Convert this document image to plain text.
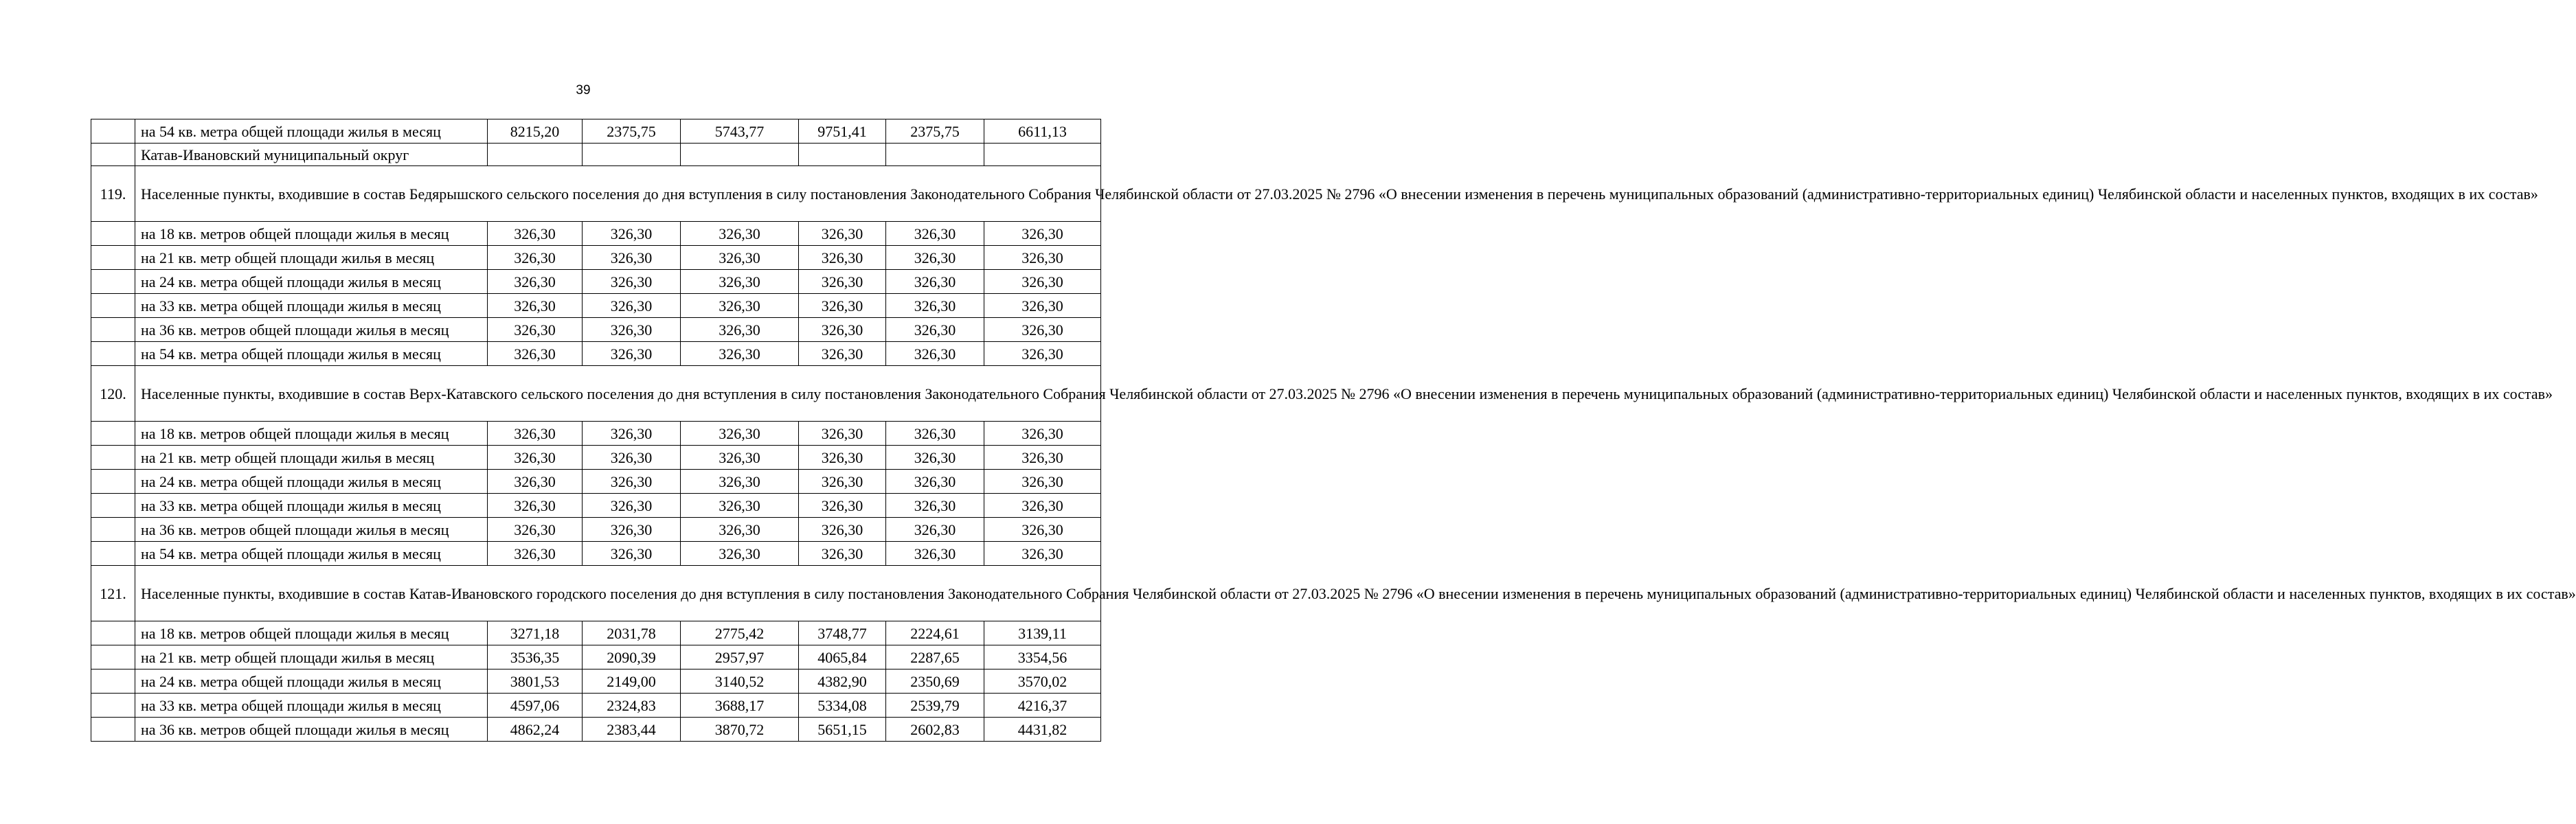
39
	на 54 кв. метра общей площади жилья в месяц	8215,20	2375,75	5743,77	9751,41	2375,75	6611,13
	Катав-Ивановский муниципальный округ						
119.	Населенные пункты, входившие в состав Бедярышского сельского поселения до дня вступления в силу постановления Законодательного Собрания Челябинской области от 27.03.2025 № 2796 «О внесении изменения в перечень муниципальных образований (административно-территориальных единиц) Челябинской области и населенных пунктов, входящих в их состав»						
	на 18 кв. метров общей площади жилья в месяц	326,30	326,30	326,30	326,30	326,30	326,30
	на 21 кв. метр общей площади жилья в месяц	326,30	326,30	326,30	326,30	326,30	326,30
	на 24 кв. метра общей площади жилья в месяц	326,30	326,30	326,30	326,30	326,30	326,30
	на 33 кв. метра общей площади жилья в месяц	326,30	326,30	326,30	326,30	326,30	326,30
	на 36 кв. метров общей площади жилья в месяц	326,30	326,30	326,30	326,30	326,30	326,30
	на 54 кв. метра общей площади жилья в месяц	326,30	326,30	326,30	326,30	326,30	326,30
120.	Населенные пункты, входившие в состав Верх-Катавского сельского поселения до дня вступления в силу постановления Законодательного Собрания Челябинской области от 27.03.2025 № 2796 «О внесении изменения в перечень муниципальных образований (административно-территориальных единиц) Челябинской области и населенных пунктов, входящих в их состав»						
	на 18 кв. метров общей площади жилья в месяц	326,30	326,30	326,30	326,30	326,30	326,30
	на 21 кв. метр общей площади жилья в месяц	326,30	326,30	326,30	326,30	326,30	326,30
	на 24 кв. метра общей площади жилья в месяц	326,30	326,30	326,30	326,30	326,30	326,30
	на 33 кв. метра общей площади жилья в месяц	326,30	326,30	326,30	326,30	326,30	326,30
	на 36 кв. метров общей площади жилья в месяц	326,30	326,30	326,30	326,30	326,30	326,30
	на 54 кв. метра общей площади жилья в месяц	326,30	326,30	326,30	326,30	326,30	326,30
121.	Населенные пункты, входившие в состав Катав-Ивановского городского поселения до дня вступления в силу постановления Законодательного Собрания Челябинской области от 27.03.2025 № 2796 «О внесении изменения в перечень муниципальных образований (административно-территориальных единиц) Челябинской области и населенных пунктов, входящих в их состав»						
	на 18 кв. метров общей площади жилья в месяц	3271,18	2031,78	2775,42	3748,77	2224,61	3139,11
	на 21 кв. метр общей площади жилья в месяц	3536,35	2090,39	2957,97	4065,84	2287,65	3354,56
	на 24 кв. метра общей площади жилья в месяц	3801,53	2149,00	3140,52	4382,90	2350,69	3570,02
	на 33 кв. метра общей площади жилья в месяц	4597,06	2324,83	3688,17	5334,08	2539,79	4216,37
	на 36 кв. метров общей площади жилья в месяц	4862,24	2383,44	3870,72	5651,15	2602,83	4431,82
